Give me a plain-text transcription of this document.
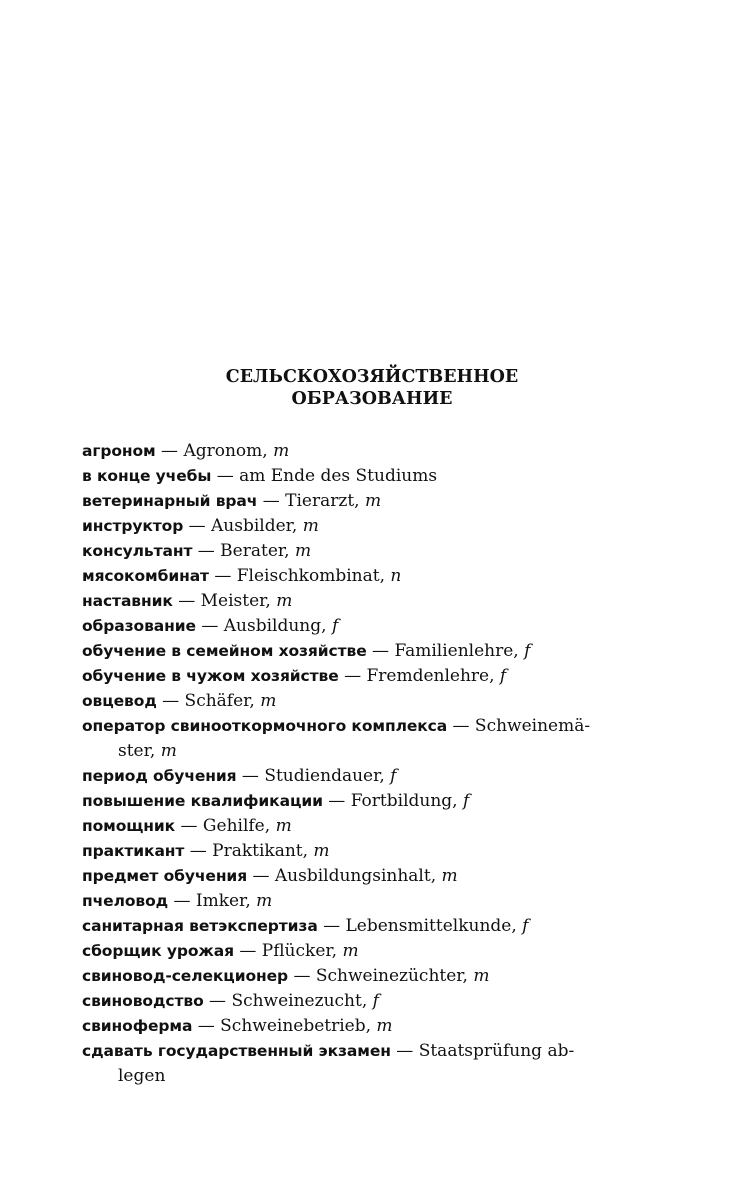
СЕЛЬСКОХОЗЯЙСТВЕННОЕ
ОБРАЗОВАНИЕ
агроном — Agronom, m
в конце учебы — am Ende des Studiums
ветеринарный врач — Tierarzt, m
инструктор — Ausbilder, m
консультант — Berater, m
мясокомбинат — Fleischkombinat, n
наставник — Meister, m
образование — Ausbildung, f
обучение в семейном хозяйстве — Familienlehre, f
обучение в чужом хозяйстве — Fremdenlehre, f
овцевод — Schäfer, m
оператор свинооткормочного комплекса — Schweinemä-
ster, m
период обучения — Studiendauer, f
повышение квалификации — Fortbildung, f
помощник — Gehilfe, m
практикант — Praktikant, m
предмет обучения — Ausbildungsinhalt, m
пчеловод — Imker, m
санитарная ветэкспертиза — Lebensmittelkunde, f
сборщик урожая — Pflücker, m
свиновод-селекционер — Schweinezüchter, m
свиноводство — Schweinezucht, f
свиноферма — Schweinebetrieb, m
сдавать государственный экзамен — Staatsprüfung ab-
legen
